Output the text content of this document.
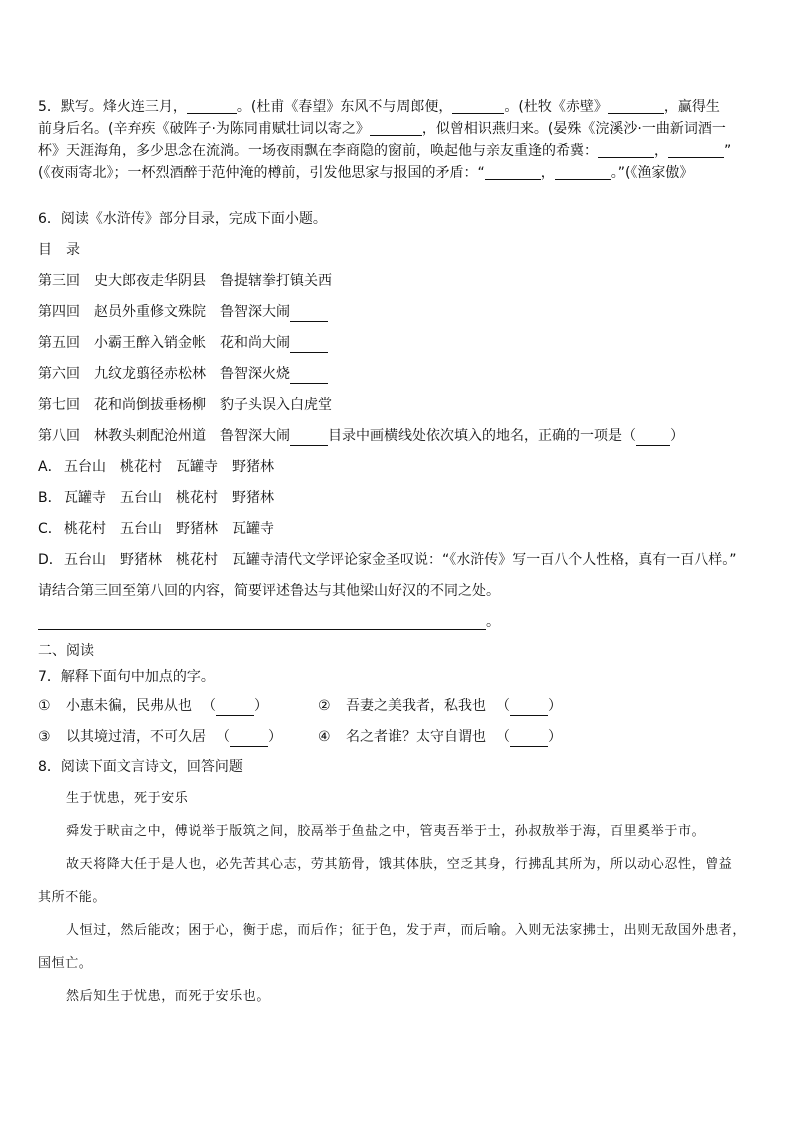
5．默写。烽火连三月，	。(杜甫《春望》东风不与周郎便，	。(杜牧《赤壁》	，赢得生
前身后名。(辛弃疾《破阵子·为陈同甫赋壮词以寄之》	，似曾相识燕归来。(晏殊《浣溪沙·一曲新词酒一
杯》天涯海角，多少思念在流淌。一场夜雨飘在李商隐的窗前，唤起他与亲友重逢的希冀：	，	”
(《夜雨寄北》；一杯烈酒醉于范仲淹的樽前，引发他思家与报国的矛盾：“	，	。”(《渔家傲》
6．阅读《水浒传》部分目录，完成下面小题。
目　录
第三回	史大郎夜走华阴县	鲁提辖拳打镇关西
第四回	赵员外重修文殊院	鲁智深大闹
第五回	小霸王醉入销金帐	花和尚大闹
第六回	九纹龙翦径赤松林	鲁智深火烧
第七回	花和尚倒拔垂杨柳	豹子头误入白虎堂
第八回	林教头刺配沧州道	鲁智深大闹	目录中画横线处依次填入的地名，正确的一项是（ ）
A． 五台山　桃花村　瓦罐寺　野猪林
B． 瓦罐寺　五台山　桃花村　野猪林
C． 桃花村　五台山　野猪林　瓦罐寺
D．五台山　野猪林　桃花村　瓦罐寺清代文学评论家金圣叹说：“《水浒传》写一百八个人性格，真有一百八样。”
请结合第三回至第八回的内容，简要评述鲁达与其他梁山好汉的不同之处。
。
二、阅读
7．解释下面句中加点的字。
①	小惠未徧，民弗从也 （	）	②	吾妻之美我者，私我也 （	）
③	以其境过清，不可久居 （	）	④	名之者谁？太守自谓也 （	）
8．阅读下面文言诗文，回答问题
生于忧患，死于安乐
舜发于畎亩之中，傅说举于版筑之间，胶鬲举于鱼盐之中，管夷吾举于士，孙叔敖举于海，百里奚举于市。
故天将降大任于是人也，必先苦其心志，劳其筋骨，饿其体肤，空乏其身，行拂乱其所为，所以动心忍性，曾益
其所不能。
人恒过，然后能改；困于心，衡于虑，而后作；征于色，发于声，而后喻。入则无法家拂士，出则无敌国外患者，
国恒亡。
然后知生于忧患，而死于安乐也。
